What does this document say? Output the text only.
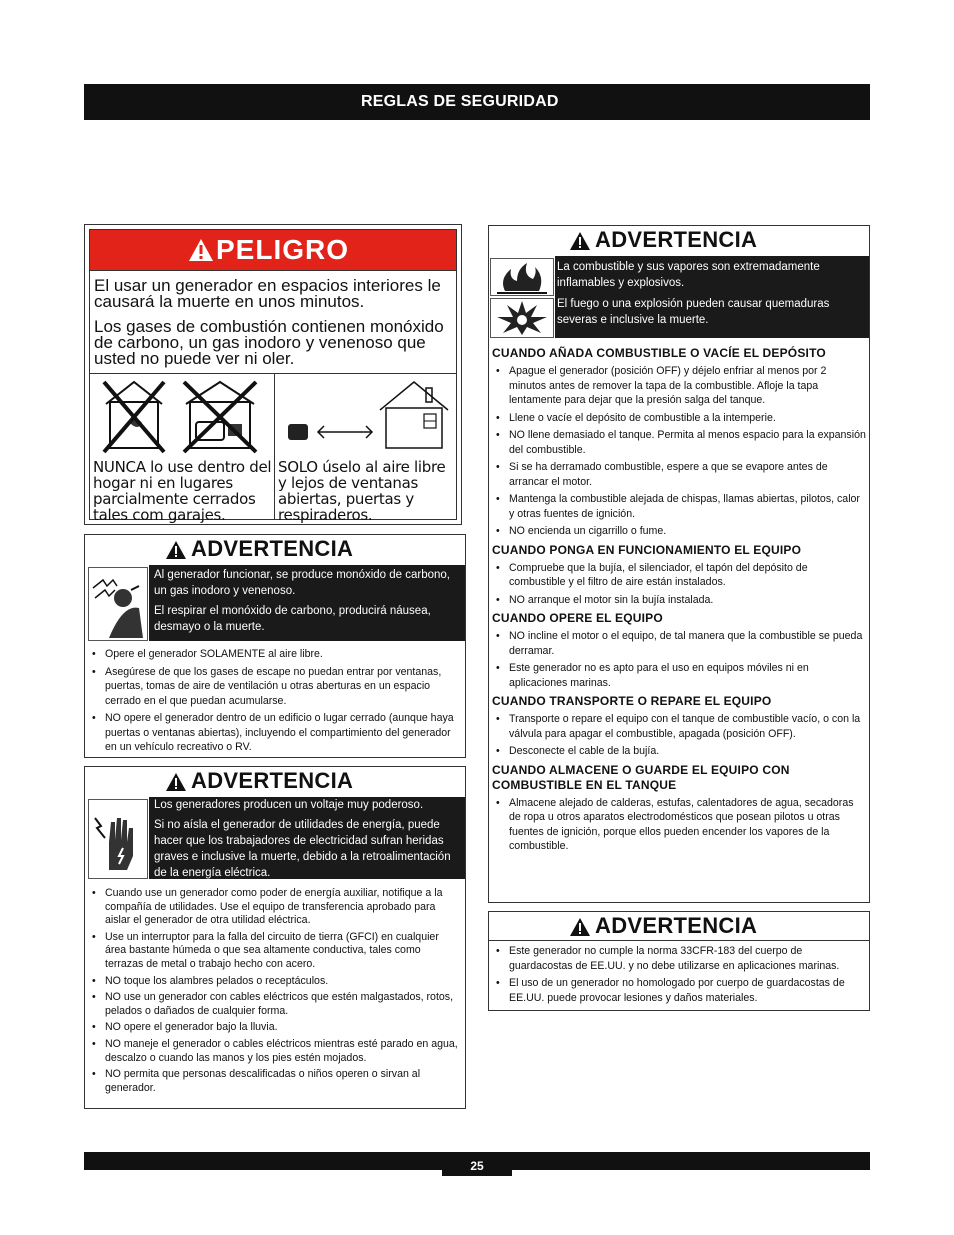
REGLAS DE SEGURIDAD
PELIGRO
El usar un generador en espacios interiores le causará la muerte en unos minutos.
Los gases de combustión contienen monóxido de carbono, un gas inodoro y venenoso que usted no puede ver ni oler.
NUNCA lo use dentro del hogar ni en lugares parcialmente cerrados tales com garajes.
SOLO úselo al aire libre y lejos de ventanas abiertas, puertas y respiraderos.
ADVERTENCIA

Al generador funcionar, se produce monóxido de carbono, un gas inodoro y venenoso.

El respirar el monóxido de carbono, producirá náusea, desmayo o la muerte.

• Opere el generador SOLAMENTE al aire libre.
• Asegúrese de que los gases de escape no puedan entrar por ventanas, puertas, tomas de aire de ventilación u otras aberturas en un espacio cerrado en el que puedan acumularse.
• NO opere el generador dentro de un edificio o lugar cerrado (aunque haya puertas o ventanas abiertas), incluyendo el compartimiento del generador en un vehículo recreativo o RV.
ADVERTENCIA

Los generadores producen un voltaje muy poderoso.

Si no aísla el generador de utilidades de energía, puede hacer que los trabajadores de electricidad sufran heridas graves e inclusive la muerte, debido a la retroalimentación de la energía eléctrica.

• Cuando use un generador como poder de energía auxiliar, notifique a la compañía de utilidades. Use el equipo de transferencia aprobado para aislar el generador de otra utilidad eléctrica.
• Use un interruptor para la falla del circuito de tierra (GFCI) en cualquier área bastante húmeda o que sea altamente conductiva, tales como terrazas de metal o trabajo hecho con acero.
• NO toque los alambres pelados o receptáculos.
• NO use un generador con cables eléctricos que estén malgastados, rotos, pelados o dañados de cualquier forma.
• NO opere el generador bajo la lluvia.
• NO maneje el generador o cables eléctricos mientras esté parado en agua, descalzo o cuando las manos y los pies estén mojados.
• NO permita que personas descalificadas o niños operen o sirvan al generador.
ADVERTENCIA

La combustible y sus vapores son extremadamente inflamables y explosivos.

El fuego o una explosión pueden causar quemaduras severas e inclusive la muerte.

CUANDO AÑADA COMBUSTIBLE O VACÍE EL DEPÓSITO
• Apague el generador (posición OFF) y déjelo enfriar al menos por 2 minutos antes de remover la tapa de la combustible. Afloje la tapa lentamente para dejar que la presión salga del tanque.
• Llene o vacíe el depósito de combustible a la intemperie.
• NO llene demasiado el tanque. Permita al menos espacio para la expansión del combustible.
• Si se ha derramado combustible, espere a que se evapore antes de arrancar el motor.
• Mantenga la combustible alejada de chispas, llamas abiertas, pilotos, calor y otras fuentes de ignición.
• NO encienda un cigarrillo o fume.
CUANDO PONGA EN FUNCIONAMIENTO EL EQUIPO
• Compruebe que la bujía, el silenciador, el tapón del depósito de combustible y el filtro de aire están instalados.
• NO arranque el motor sin la bujía instalada.
CUANDO OPERE EL EQUIPO
• NO incline el motor o el equipo, de tal manera que la combustible se pueda derramar.
• Este generador no es apto para el uso en equipos móviles ni en aplicaciones marinas.
CUANDO TRANSPORTE O REPARE EL EQUIPO
• Transporte o repare el equipo con el tanque de combustible vacío, o con la válvula para apagar el combustible, apagada (posición OFF).
• Desconecte el cable de la bujía.
CUANDO ALMACENE O GUARDE EL EQUIPO CON COMBUSTIBLE EN EL TANQUE
• Almacene alejado de calderas, estufas, calentadores de agua, secadoras de ropa u otros aparatos electrodomésticos que posean pilotos u otras fuentes de ignición, porque ellos pueden encender los vapores de la combustible.
ADVERTENCIA
• Este generador no cumple la norma 33CFR-183 del cuerpo de guardacostas de EE.UU. y no debe utilizarse en aplicaciones marinas.
• El uso de un generador no homologado por cuerpo de guardacostas de EE.UU. puede provocar lesiones y daños materiales.
25
